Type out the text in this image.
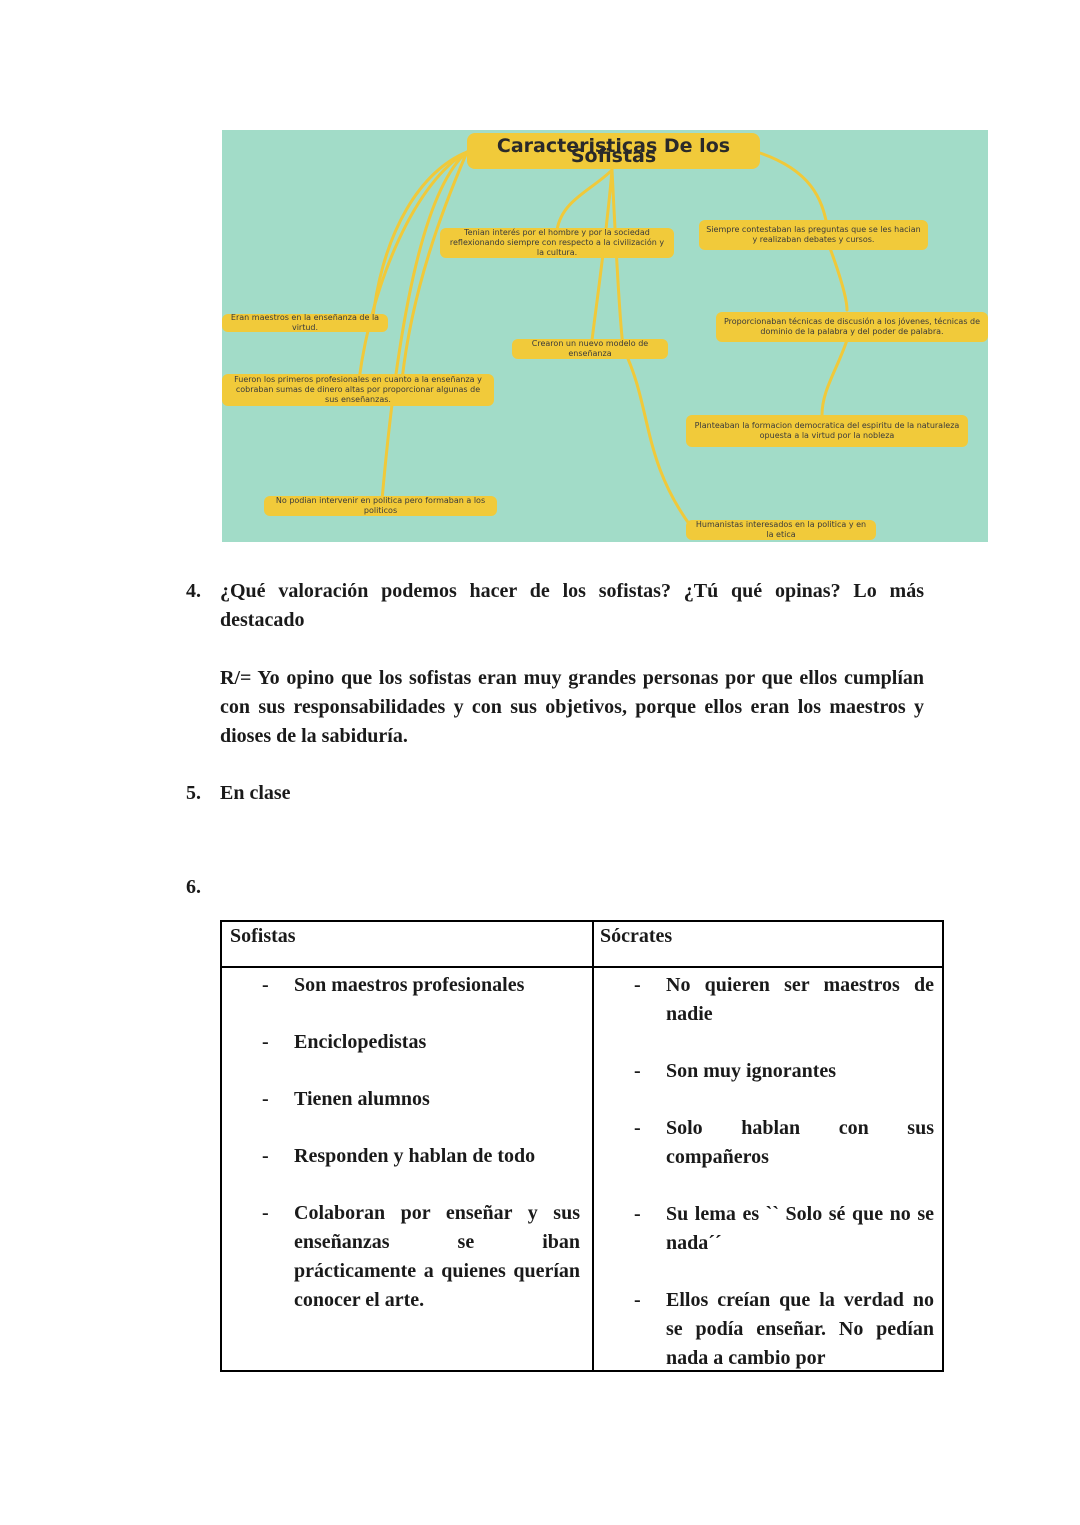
Caracteristicas De los Sofistas
Tenian interés por el hombre y por la sociedad reflexionando siempre con respecto a la civilización y la cultura.
Siempre contestaban las preguntas que se les hacian y realizaban debates y cursos.
Eran maestros en la enseñanza de la virtud.
Crearon un nuevo modelo de enseñanza
Proporcionaban técnicas de discusión a los jóvenes, técnicas de dominio de la palabra y del poder de palabra.
Fueron los primeros profesionales en cuanto a la enseñanza y cobraban sumas de dinero altas por proporcionar algunas de sus enseñanzas.
Planteaban la formacion democratica del espiritu de la naturaleza opuesta a la virtud por la nobleza
No podian intervenir en politica pero formaban a los politicos
Humanistas interesados en la politica y en la etica
4. ¿Qué valoración podemos hacer de los sofistas? ¿Tú qué opinas? Lo más destacado
R/= Yo opino que los sofistas eran muy grandes personas por que ellos cumplían con sus responsabilidades y con sus objetivos, porque ellos eran los maestros y dioses de la sabiduría.
5. En clase
6.
Sofistas	Sócrates
- Son maestros profesionales
- Enciclopedistas
- Tienen alumnos
- Responden y hablan de todo
- Colaboran por enseñar y sus enseñanzas se iban prácticamente a quienes querían conocer el arte.
- No quieren ser maestros de nadie
- Son muy ignorantes
- Solo hablan con sus compañeros
- Su lema es `` Solo sé que no se nada´´
- Ellos creían que la verdad no se podía enseñar. No pedían nada a cambio por
